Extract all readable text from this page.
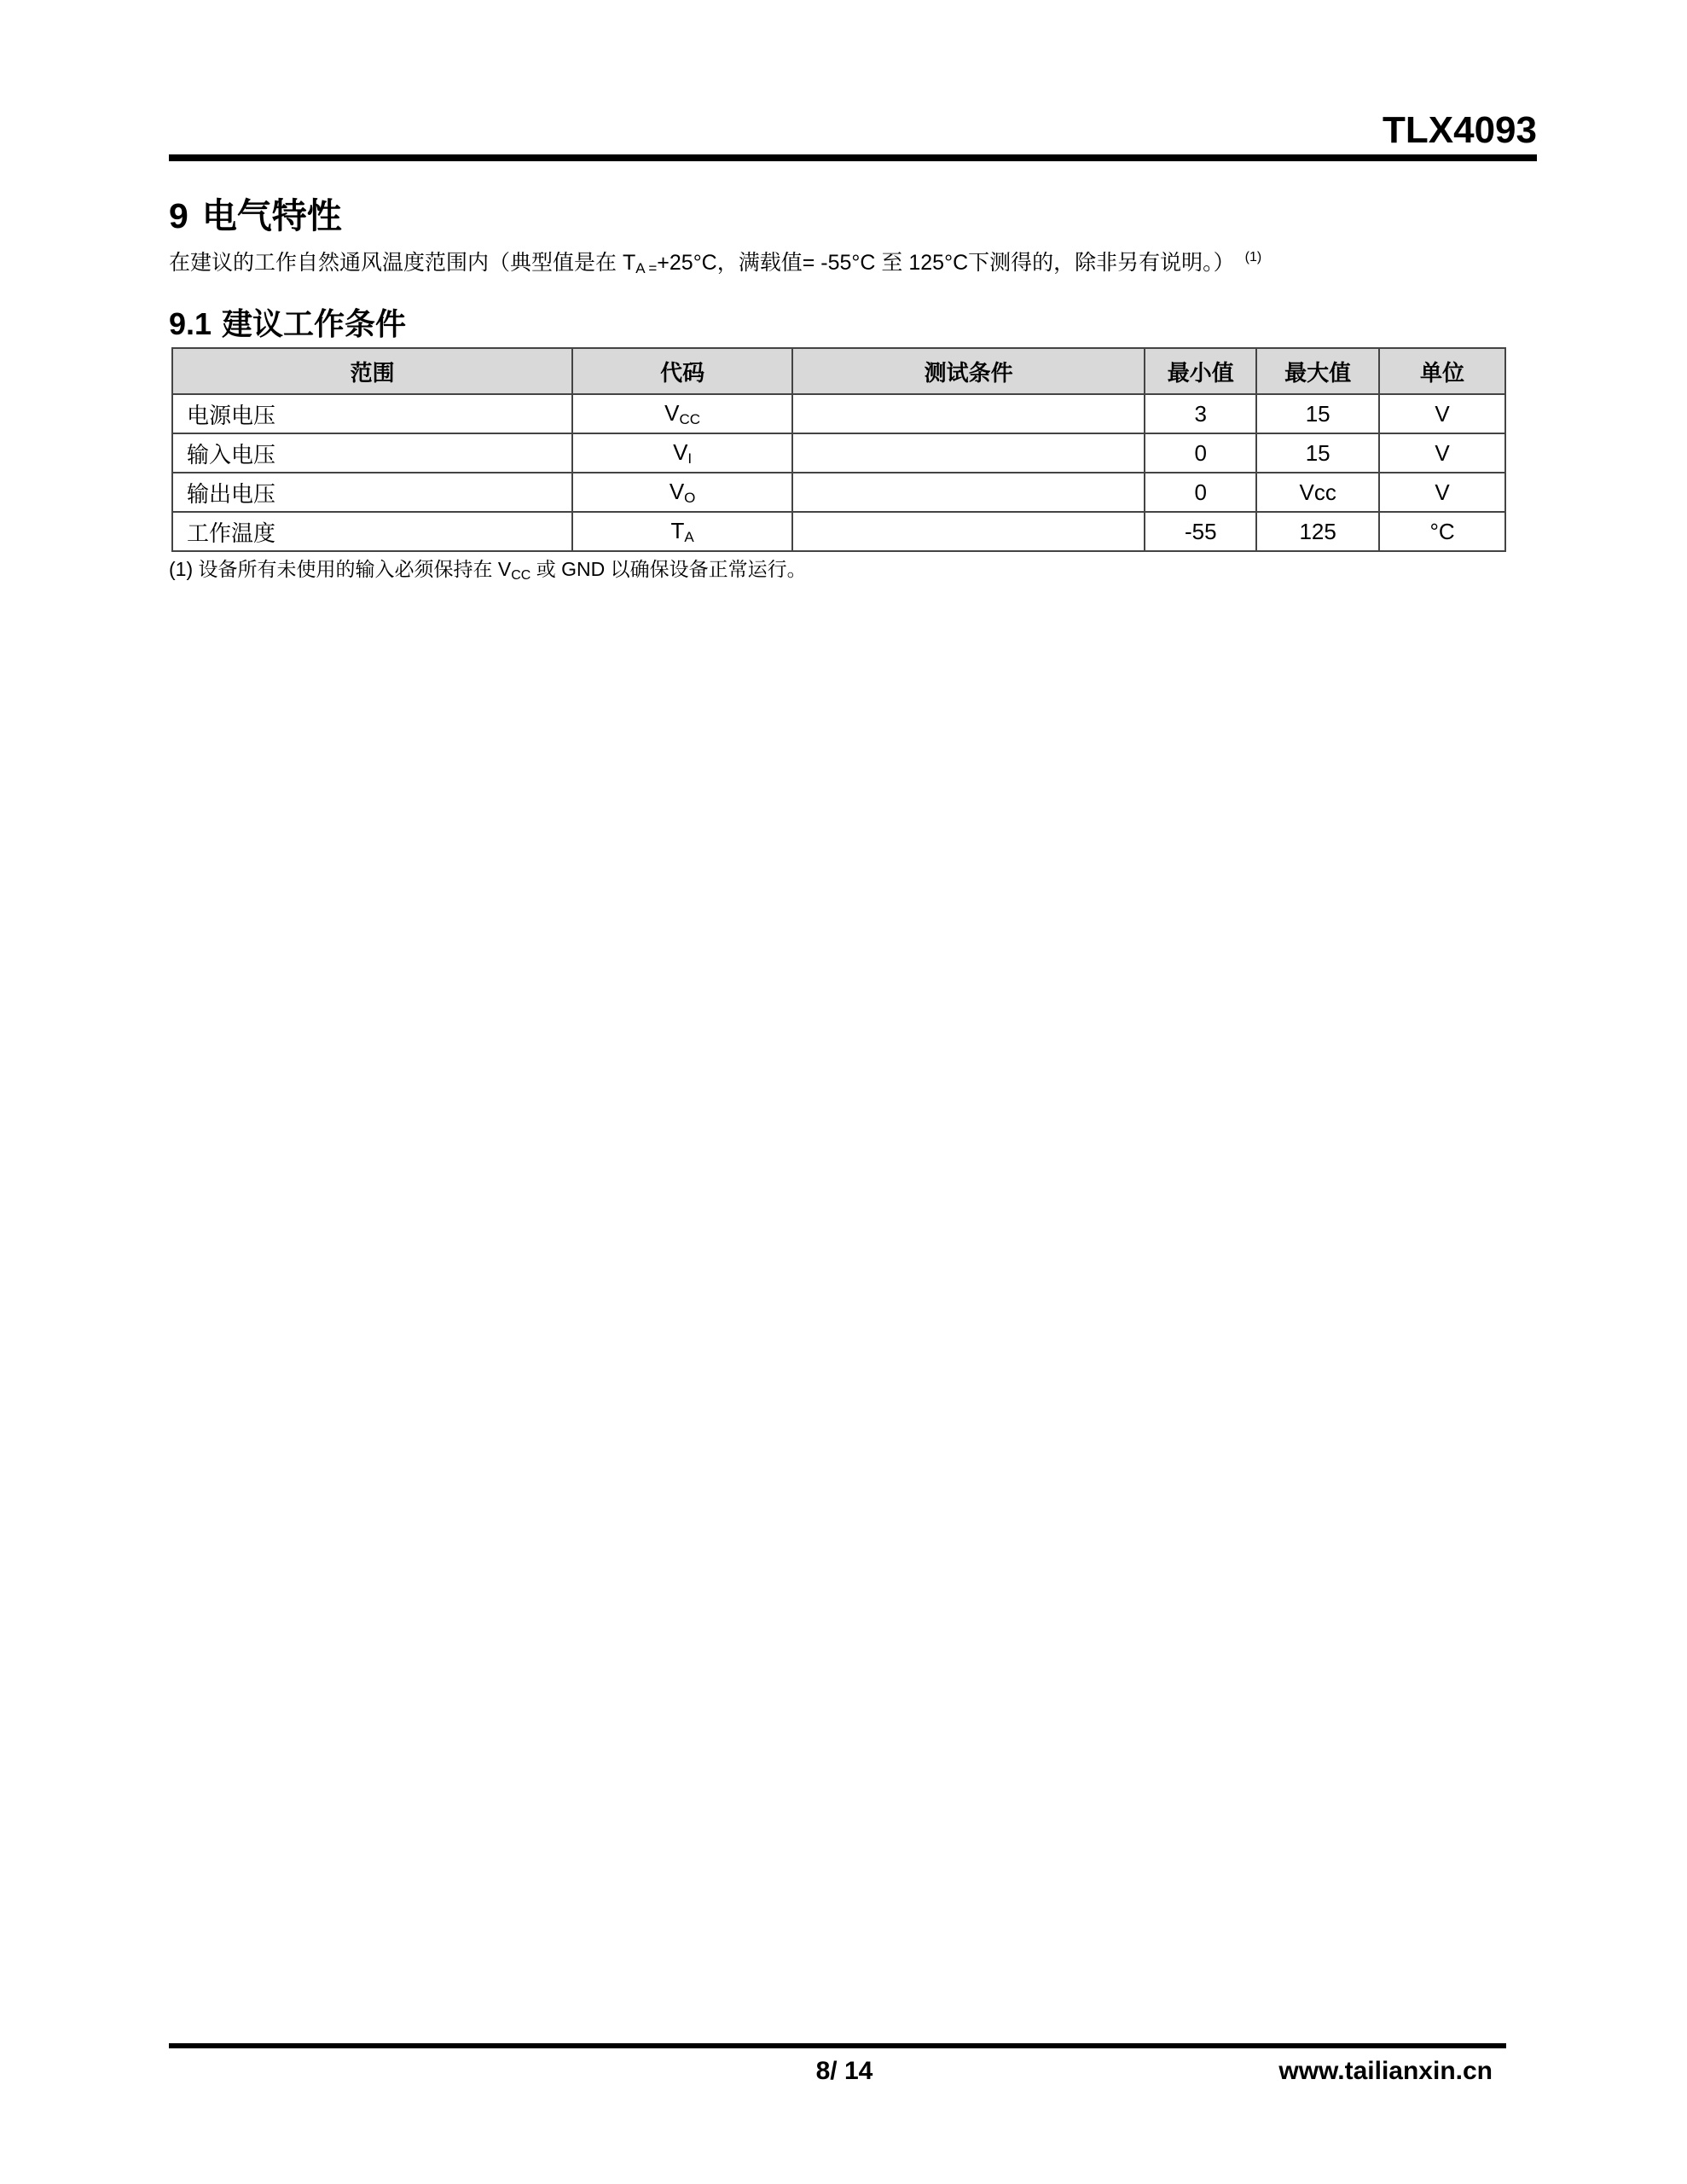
TLX4093
9 电气特性
在建议的工作自然通风温度范围内（典型值是在 $T_{A =}+25^\circ C$，满载值= -55°C 至 125°C下测得的，除非另有说明。） $^{(1)}$
9.1 建议工作条件
范围	代码	测试条件	最小值	最大值	单位
电源电压	$V_{CC}$		3	15	V
输入电压	$V_I$		0	15	V
输出电压	$V_O$		0	Vcc	V
工作温度	$T_A$		-55	125	°C
(1) 设备所有未使用的输入必须保持在 $V_{CC}$ 或 GND 以确保设备正常运行。
8/ 14	www.tailianxin.cn
